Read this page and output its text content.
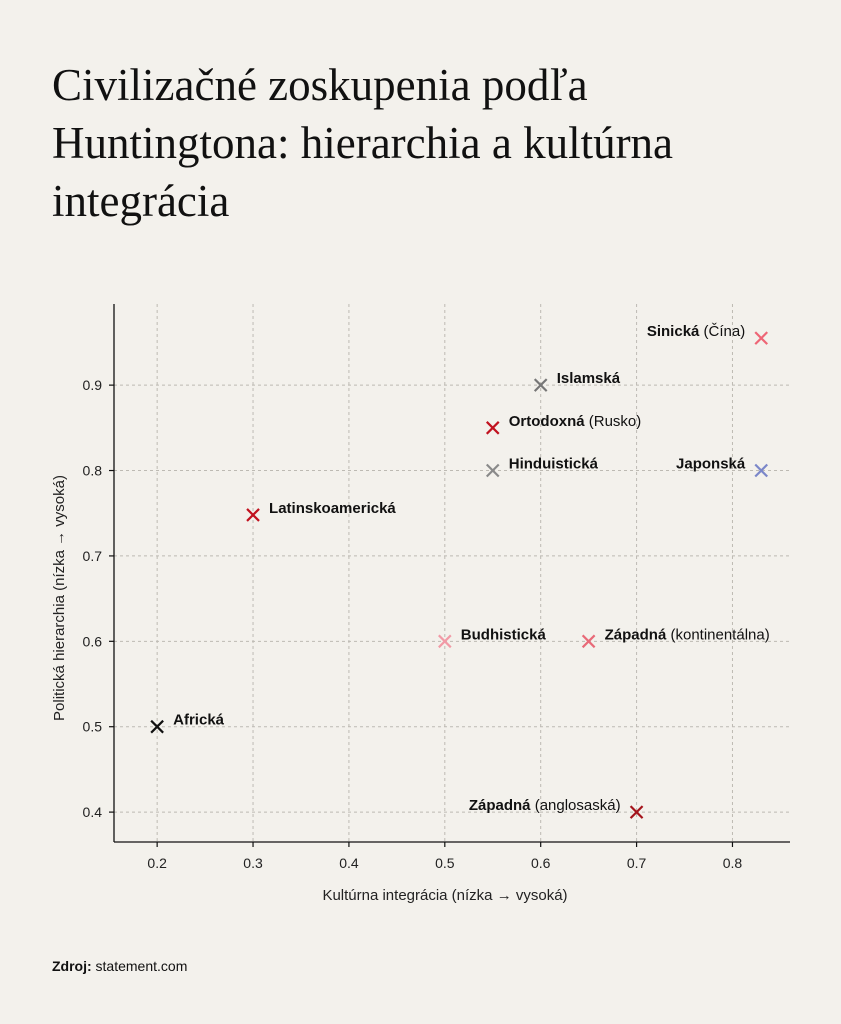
Civilizačné zoskupenia podľa Huntingtona: hierarchia a kultúrna integrácia
0.2	0.3	0.4	0.5	0.6	0.7	0.8
0.4
0.5
0.6
0.7
0.8
0.9
Kultúrna integrácia (nízka → vysoká)
Politická hierarchia (nízka → vysoká)	Africká
Latinskoamerická
Budhistická
Hinduistická
Ortodoxná (Rusko)
Islamská
Západná (kontinentálna)
Západná (anglosaská)
Japonská
Sinická (Čína)
Zdroj: statement.com
